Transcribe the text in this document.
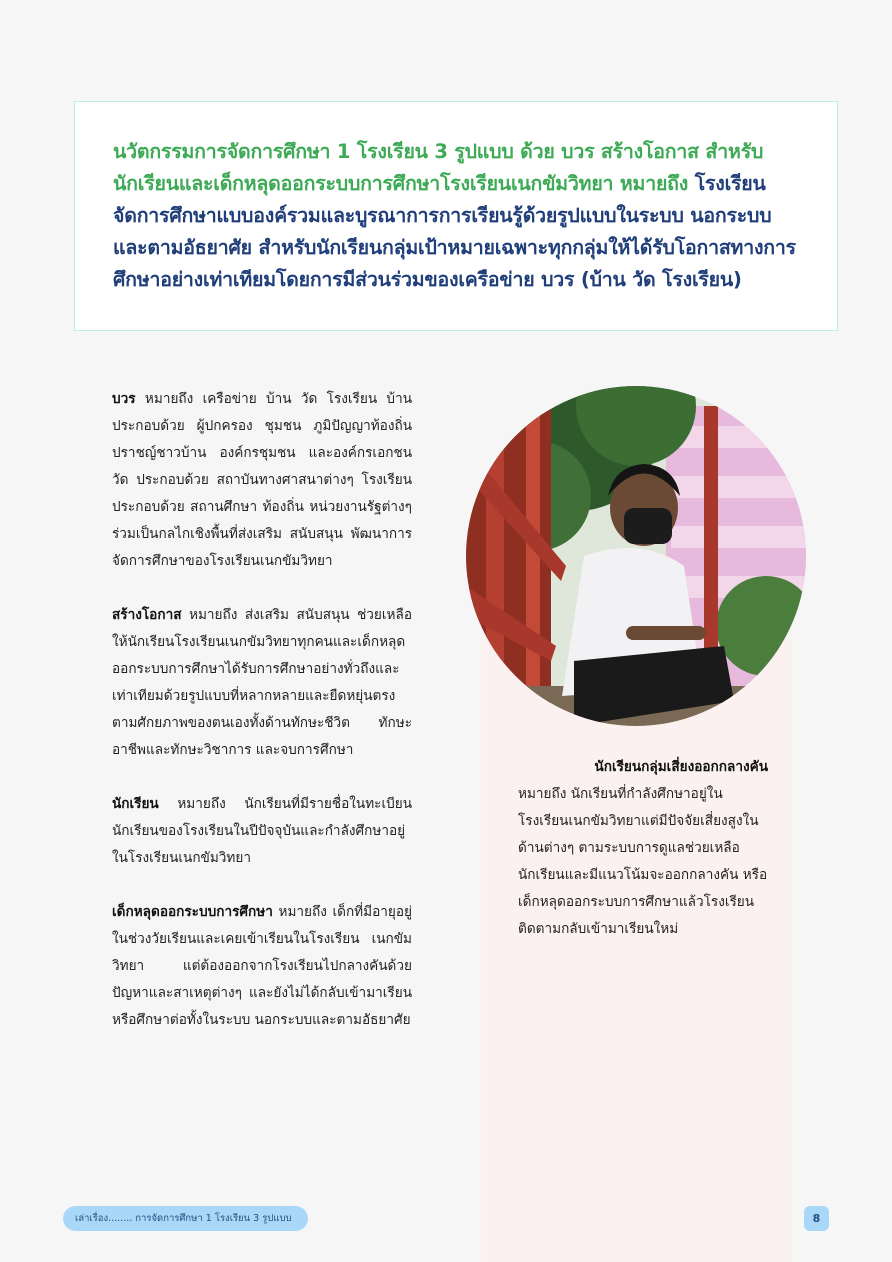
นวัตกรรมการจัดการศึกษา 1 โรงเรียน 3 รูปแบบ ด้วย บวร สร้างโอกาส สำหรับนักเรียนและเด็กหลุดออกระบบการศึกษาโรงเรียนเนกขัมวิทยา หมายถึง โรงเรียนจัดการศึกษาแบบองค์รวมและบูรณาการการเรียนรู้ด้วยรูปแบบในระบบ นอกระบบและตามอัธยาศัย สำหรับนักเรียนกลุ่มเป้าหมายเฉพาะทุกกลุ่มให้ได้รับโอกาสทางการศึกษาอย่างเท่าเทียมโดยการมีส่วนร่วมของเครือข่าย บวร (บ้าน วัด โรงเรียน)

บวร หมายถึง เครือข่าย บ้าน วัด โรงเรียน บ้าน ประกอบด้วย ผู้ปกครอง ชุมชน ภูมิปัญญาท้องถิ่น ปราชญ์ชาวบ้าน องค์กรชุมชน และองค์กรเอกชน วัด ประกอบด้วย สถาบันทางศาสนาต่างๆ โรงเรียน ประกอบด้วย สถานศึกษา ท้องถิ่น หน่วยงานรัฐต่างๆ ร่วมเป็นกลไกเชิงพื้นที่ส่งเสริม สนับสนุน พัฒนาการจัดการศึกษาของโรงเรียนเนกขัมวิทยา

สร้างโอกาส หมายถึง ส่งเสริม สนับสนุน ช่วยเหลือให้นักเรียนโรงเรียนเนกขัมวิทยาทุกคนและเด็กหลุดออกระบบการศึกษาได้รับการศึกษาอย่างทั่วถึงและเท่าเทียมด้วยรูปแบบที่หลากหลายและยืดหยุ่นตรงตามศักยภาพของตนเองทั้งด้านทักษะชีวิต ทักษะอาชีพและทักษะวิชาการ และจบการศึกษา

นักเรียน หมายถึง นักเรียนที่มีรายชื่อในทะเบียนนักเรียนของโรงเรียนในปีปัจจุบันและกำลังศึกษาอยู่ในโรงเรียนเนกขัมวิทยา

เด็กหลุดออกระบบการศึกษา หมายถึง เด็กที่มีอายุอยู่ในช่วงวัยเรียนและเคยเข้าเรียนในโรงเรียน เนกขัมวิทยา แต่ต้องออกจากโรงเรียนไปกลางคันด้วยปัญหาและสาเหตุต่างๆ และยังไม่ได้กลับเข้ามาเรียนหรือศึกษาต่อทั้งในระบบ นอกระบบและตามอัธยาศัย

นักเรียนกลุ่มเสี่ยงออกกลางคัน
หมายถึง นักเรียนที่กำลังศึกษาอยู่ในโรงเรียนเนกขัมวิทยาแต่มีปัจจัยเสี่ยงสูงในด้านต่างๆ ตามระบบการดูแลช่วยเหลือนักเรียนและมีแนวโน้มจะออกกลางคัน หรือเด็กหลุดออกระบบการศึกษาแล้วโรงเรียนติดตามกลับเข้ามาเรียนใหม่
เล่าเรื่อง........ การจัดการศึกษา 1 โรงเรียน 3 รูปแบบ	8
